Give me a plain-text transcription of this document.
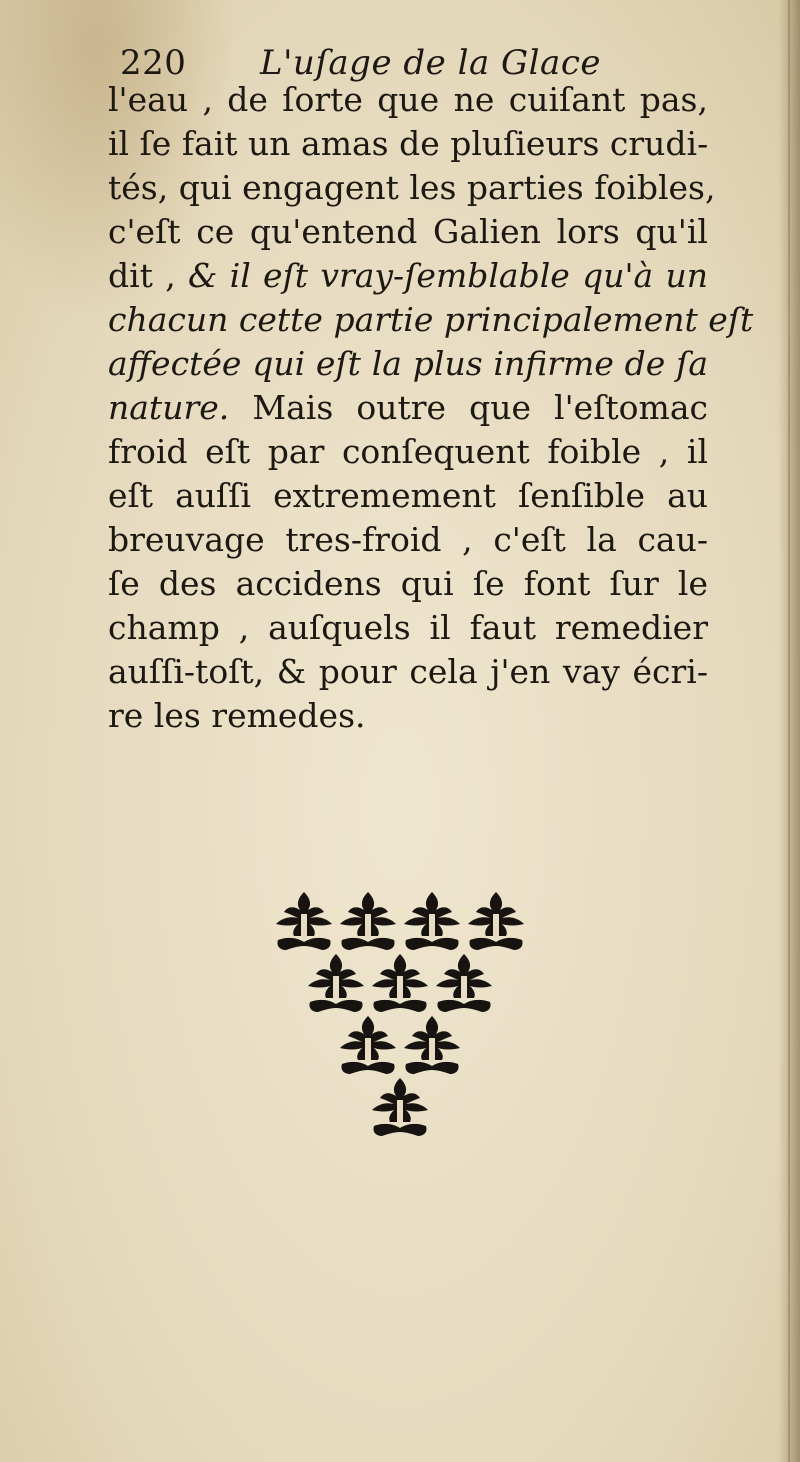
220 L'uſage de la Glace
l'eau , de ſorte que ne cuiſant pas,
il ſe fait un amas de pluſieurs crudi-
tés, qui engagent les parties foibles,
c'eſt ce qu'entend Galien lors qu'il
dit , & il eſt vray-ſemblable qu'à un
chacun cette partie principalement eſt
affectée qui eſt la plus infirme de ſa
nature. Mais outre que l'eſtomac
froid eſt par conſequent foible , il
eſt auſſi extremement ſenſible au
breuvage tres-froid , c'eſt la cau-
ſe des accidens qui ſe font ſur le
champ , auſquels il faut remedier
auſſi-toſt, & pour cela j'en vay écri-
re les remedes.
